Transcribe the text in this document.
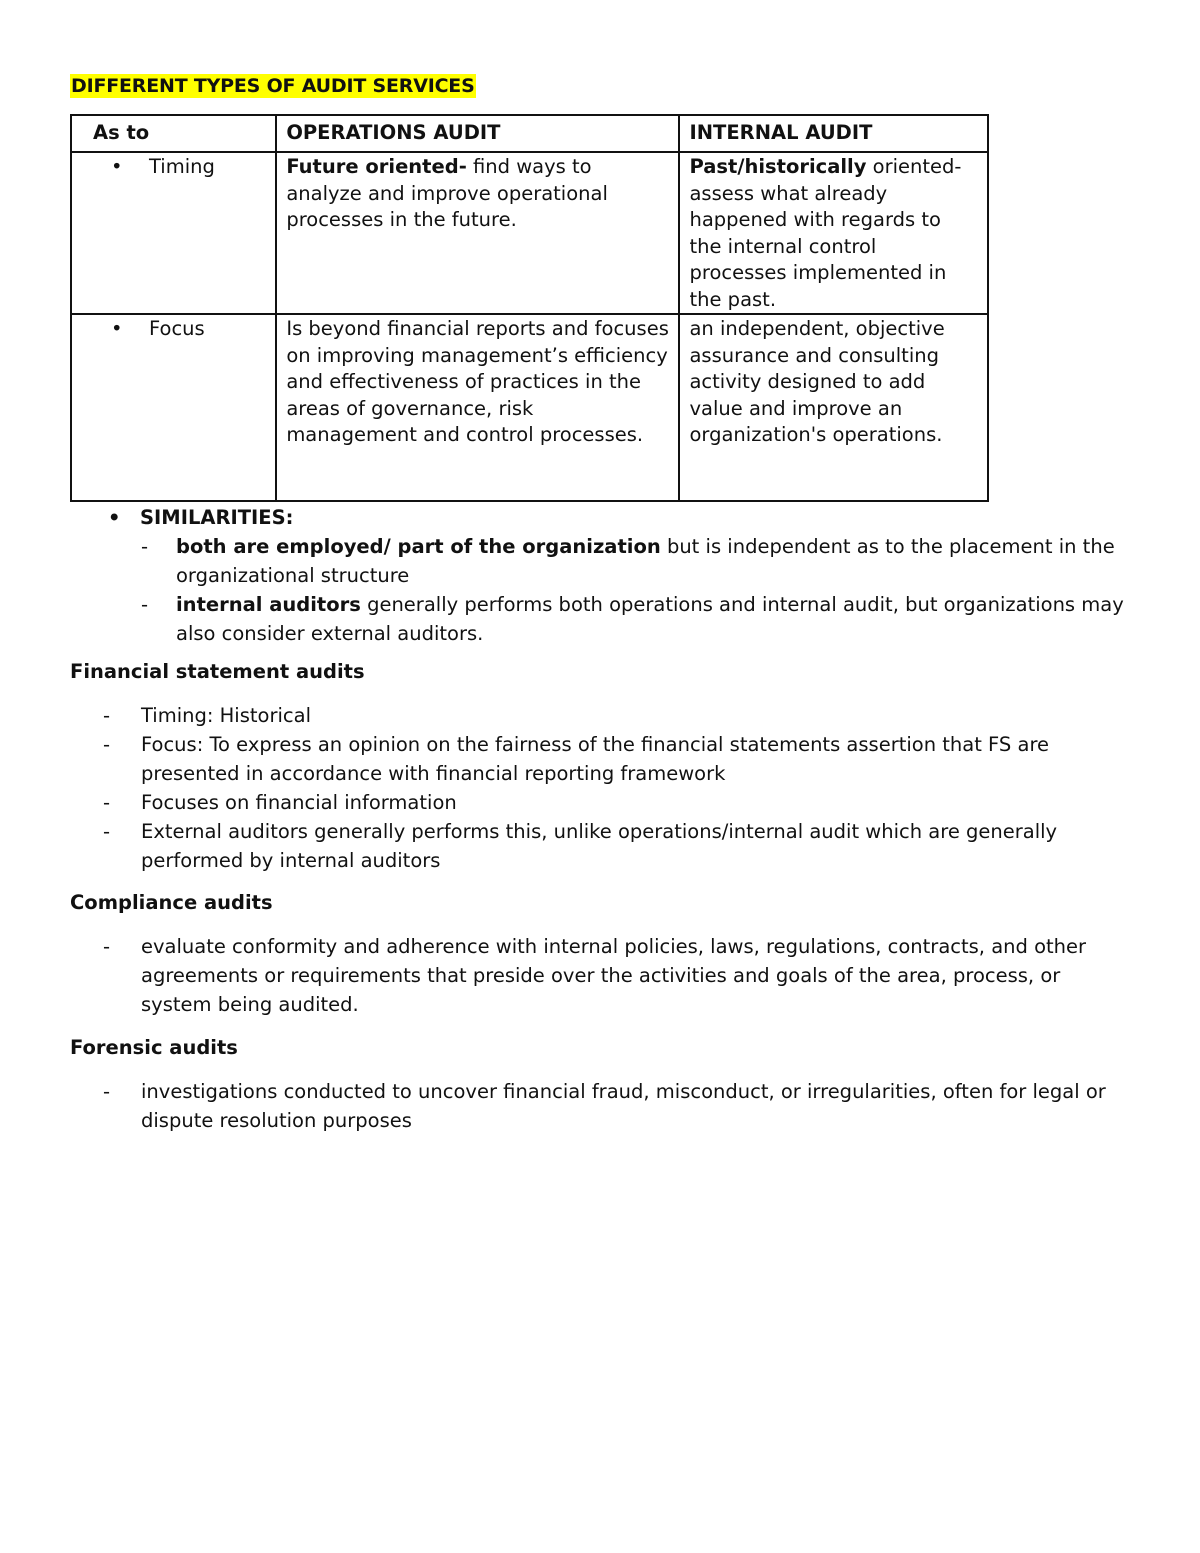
DIFFERENT TYPES OF AUDIT SERVICES
As to	OPERATIONS AUDIT	INTERNAL AUDIT
• Timing	Future oriented- find ways to analyze and improve operational processes in the future.	Past/historically oriented- assess what already happened with regards to the internal control processes implemented in the past.
• Focus	Is beyond financial reports and focuses on improving management’s efficiency and effectiveness of practices in the areas of governance, risk management and control processes.	an independent, objective assurance and consulting activity designed to add value and improve an organization's operations.
• SIMILARITIES:
- both are employed/ part of the organization but is independent as to the placement in the organizational structure
- internal auditors generally performs both operations and internal audit, but organizations may also consider external auditors.
Financial statement audits
- Timing: Historical
- Focus: To express an opinion on the fairness of the financial statements assertion that FS are presented in accordance with financial reporting framework
- Focuses on financial information
- External auditors generally performs this, unlike operations/internal audit which are generally performed by internal auditors
Compliance audits
- evaluate conformity and adherence with internal policies, laws, regulations, contracts, and other agreements or requirements that preside over the activities and goals of the area, process, or system being audited.
Forensic audits
- investigations conducted to uncover financial fraud, misconduct, or irregularities, often for legal or dispute resolution purposes
